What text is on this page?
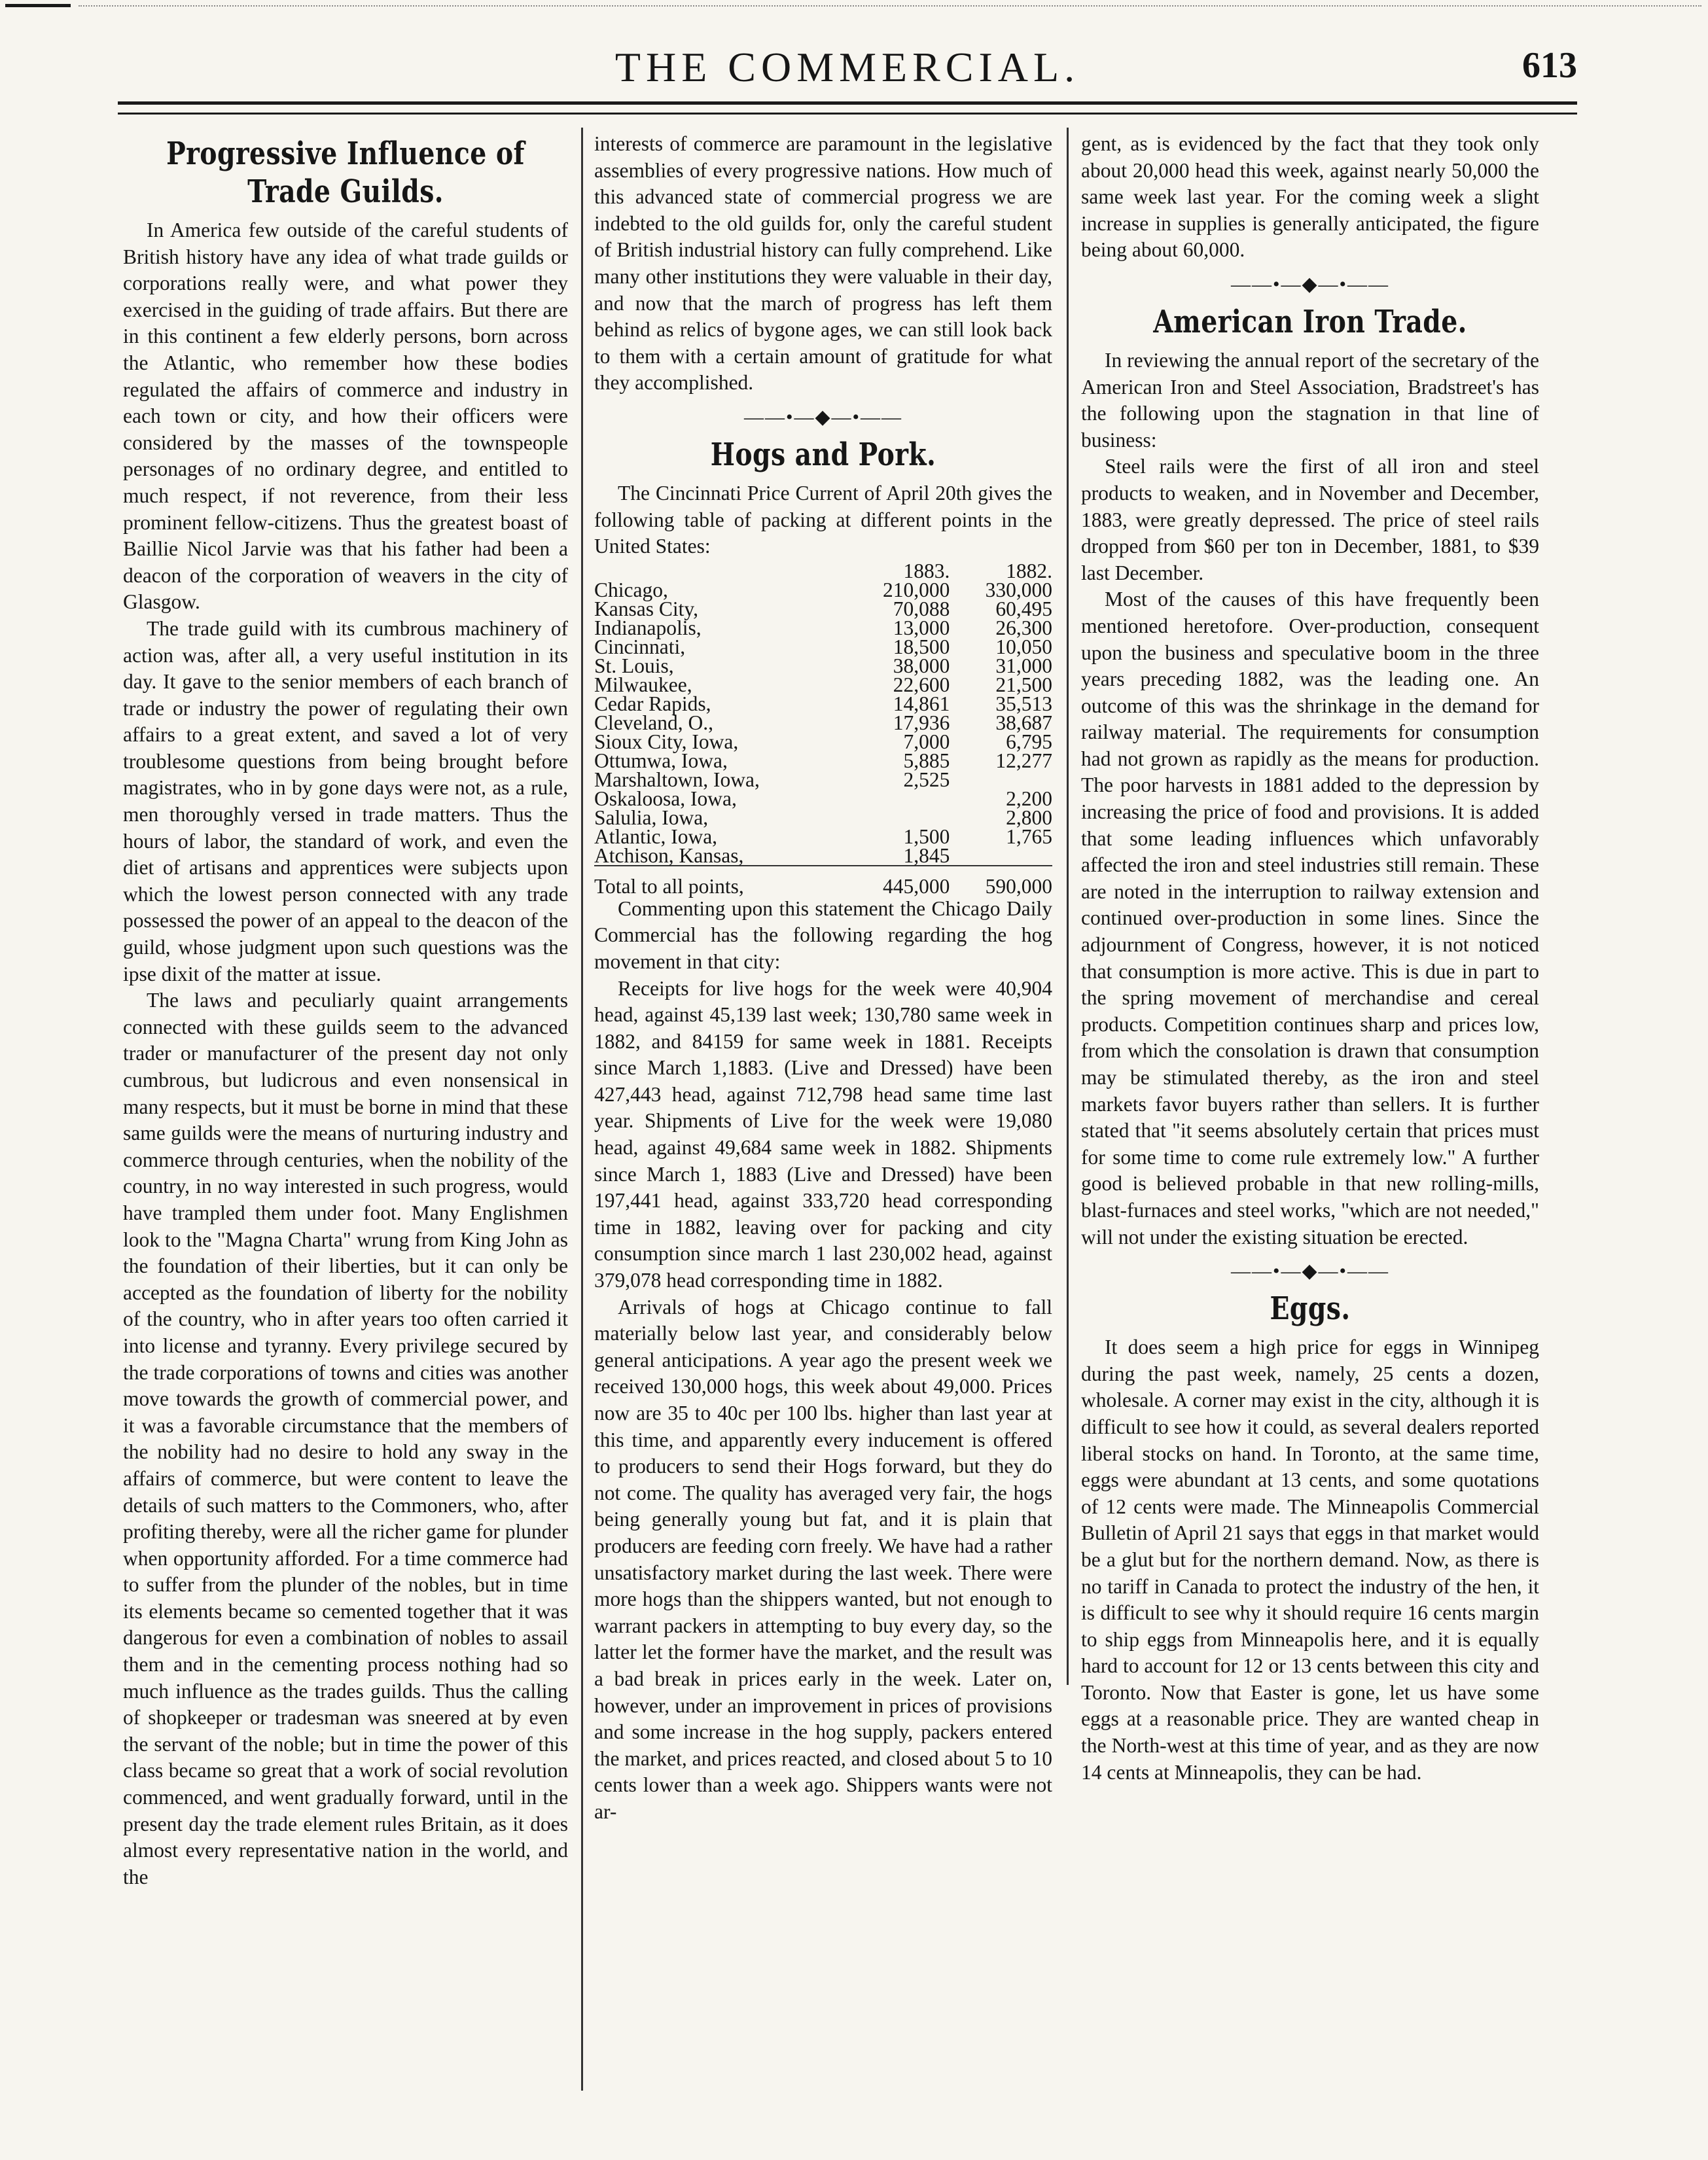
THE COMMERCIAL.	613
Progressive Influence of Trade Guilds.

In America few outside of the careful students of British history have any idea of what trade guilds or corporations really were, and what power they exercised in the guiding of trade affairs. But there are in this continent a few elderly persons, born across the Atlantic, who remember how these bodies regulated the affairs of commerce and industry in each town or city, and how their officers were considered by the masses of the townspeople personages of no ordinary degree, and entitled to much respect, if not reverence, from their less prominent fellow-citizens. Thus the greatest boast of Baillie Nicol Jarvie was that his father had been a deacon of the corporation of weavers in the city of Glasgow.

The trade guild with its cumbrous machinery of action was, after all, a very useful institution in its day. It gave to the senior members of each branch of trade or industry the power of regulating their own affairs to a great extent, and saved a lot of very troublesome questions from being brought before magistrates, who in by gone days were not, as a rule, men thoroughly versed in trade matters. Thus the hours of labor, the standard of work, and even the diet of artisans and apprentices were subjects upon which the lowest person connected with any trade possessed the power of an appeal to the deacon of the guild, whose judgment upon such questions was the ipse dixit of the matter at issue.

The laws and peculiarly quaint arrangements connected with these guilds seem to the advanced trader or manufacturer of the present day not only cumbrous, but ludicrous and even nonsensical in many respects, but it must be borne in mind that these same guilds were the means of nurturing industry and commerce through centuries, when the nobility of the country, in no way interested in such progress, would have trampled them under foot. Many Englishmen look to the "Magna Charta" wrung from King John as the foundation of their liberties, but it can only be accepted as the foundation of liberty for the nobility of the country, who in after years too often carried it into license and tyranny. Every privilege secured by the trade corporations of towns and cities was another move towards the growth of commercial power, and it was a favorable circumstance that the members of the nobility had no desire to hold any sway in the affairs of commerce, but were content to leave the details of such matters to the Commoners, who, after profiting thereby, were all the richer game for plunder when opportunity afforded. For a time commerce had to suffer from the plunder of the nobles, but in time its elements became so cemented together that it was dangerous for even a combination of nobles to assail them and in the cementing process nothing had so much influence as the trades guilds. Thus the calling of shopkeeper or tradesman was sneered at by even the servant of the noble; but in time the power of this class became so great that a work of social revolution commenced, and went gradually forward, until in the present day the trade element rules Britain, as it does almost every representative nation in the world, and the

interests of commerce are paramount in the legislative assemblies of every progressive nations. How much of this advanced state of commercial progress we are indebted to the old guilds for, only the careful student of British industrial history can fully comprehend. Like many other institutions they were valuable in their day, and now that the march of progress has left them behind as relics of bygone ages, we can still look back to them with a certain amount of gratitude for what they accomplished.

——•—◆—•——
Hogs and Pork.

The Cincinnati Price Current of April 20th gives the following table of packing at different points in the United States:

	1883.	1882.
Chicago,	210,000	330,000
Kansas City,	70,088	60,495
Indianapolis,	13,000	26,300
Cincinnati,	18,500	10,050
St. Louis,	38,000	31,000
Milwaukee,	22,600	21,500
Cedar Rapids,	14,861	35,513
Cleveland, O.,	17,936	38,687
Sioux City, Iowa,	7,000	6,795
Ottumwa, Iowa,	5,885	12,277
Marshaltown, Iowa,	2,525	
Oskaloosa, Iowa,		2,200
Salulia, Iowa,		2,800
Atlantic, Iowa,	1,500	1,765
Atchison, Kansas,	1,845	
Total to all points,	445,000	590,000

Commenting upon this statement the Chicago Daily Commercial has the following regarding the hog movement in that city:

Receipts for live hogs for the week were 40,904 head, against 45,139 last week; 130,780 same week in 1882, and 84159 for same week in 1881. Receipts since March 1,1883. (Live and Dressed) have been 427,443 head, against 712,798 head same time last year. Shipments of Live for the week were 19,080 head, against 49,684 same week in 1882. Shipments since March 1, 1883 (Live and Dressed) have been 197,441 head, against 333,720 head corresponding time in 1882, leaving over for packing and city consumption since march 1 last 230,002 head, against 379,078 head corresponding time in 1882.

Arrivals of hogs at Chicago continue to fall materially below last year, and considerably below general anticipations. A year ago the present week we received 130,000 hogs, this week about 49,000. Prices now are 35 to 40c per 100 lbs. higher than last year at this time, and apparently every inducement is offered to producers to send their Hogs forward, but they do not come. The quality has averaged very fair, the hogs being generally young but fat, and it is plain that producers are feeding corn freely. We have had a rather unsatisfactory market during the last week. There were more hogs than the shippers wanted, but not enough to warrant packers in attempting to buy every day, so the latter let the former have the market, and the result was a bad break in prices early in the week. Later on, however, under an improvement in prices of provisions and some increase in the hog supply, packers entered the market, and prices reacted, and closed about 5 to 10 cents lower than a week ago. Shippers wants were not ar-

gent, as is evidenced by the fact that they took only about 20,000 head this week, against nearly 50,000 the same week last year. For the coming week a slight increase in supplies is generally anticipated, the figure being about 60,000.

——•—◆—•——
American Iron Trade.

In reviewing the annual report of the secretary of the American Iron and Steel Association, Bradstreet's has the following upon the stagnation in that line of business:

Steel rails were the first of all iron and steel products to weaken, and in November and December, 1883, were greatly depressed. The price of steel rails dropped from $60 per ton in December, 1881, to $39 last December.

Most of the causes of this have frequently been mentioned heretofore. Over-production, consequent upon the business and speculative boom in the three years preceding 1882, was the leading one. An outcome of this was the shrinkage in the demand for railway material. The requirements for consumption had not grown as rapidly as the means for production. The poor harvests in 1881 added to the depression by increasing the price of food and provisions. It is added that some leading influences which unfavorably affected the iron and steel industries still remain. These are noted in the interruption to railway extension and continued over-production in some lines. Since the adjournment of Congress, however, it is not noticed that consumption is more active. This is due in part to the spring movement of merchandise and cereal products. Competition continues sharp and prices low, from which the consolation is drawn that consumption may be stimulated thereby, as the iron and steel markets favor buyers rather than sellers. It is further stated that "it seems absolutely certain that prices must for some time to come rule extremely low." A further good is believed probable in that new rolling-mills, blast-furnaces and steel works, "which are not needed," will not under the existing situation be erected.

——•—◆—•——
Eggs.

It does seem a high price for eggs in Winnipeg during the past week, namely, 25 cents a dozen, wholesale. A corner may exist in the city, although it is difficult to see how it could, as several dealers reported liberal stocks on hand. In Toronto, at the same time, eggs were abundant at 13 cents, and some quotations of 12 cents were made. The Minneapolis Commercial Bulletin of April 21 says that eggs in that market would be a glut but for the northern demand. Now, as there is no tariff in Canada to protect the industry of the hen, it is difficult to see why it should require 16 cents margin to ship eggs from Minneapolis here, and it is equally hard to account for 12 or 13 cents between this city and Toronto. Now that Easter is gone, let us have some eggs at a reasonable price. They are wanted cheap in the North-west at this time of year, and as they are now 14 cents at Minneapolis, they can be had.
